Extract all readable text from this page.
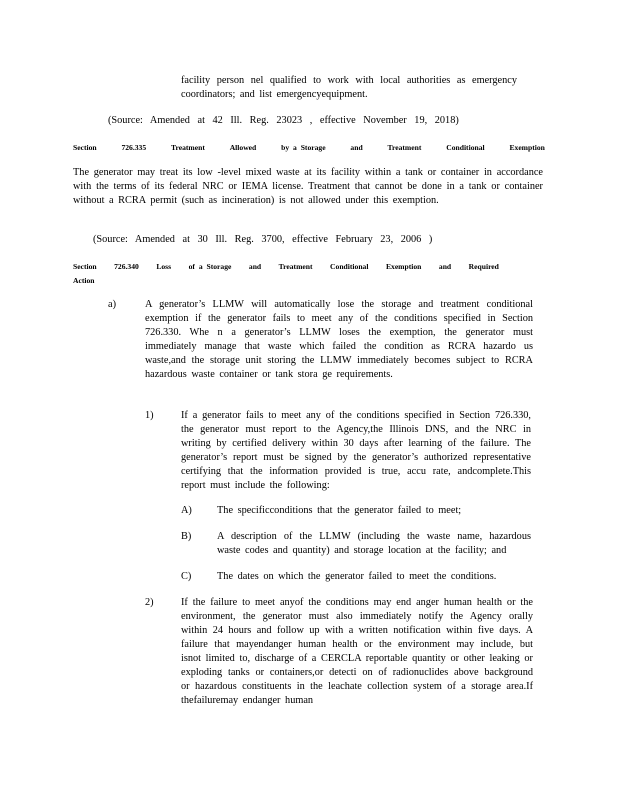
facility person nel qualified to work with local authorities as emergency coordinators; and list emergencyequipment.
(Source: Amended at 42 Ill. Reg. 23023 , effective November 19, 2018)
Section	726.335	Treatment	Allowed	by a Storage	and	Treatment	Conditional	Exemption
The generator may treat its low -level mixed waste at its facility within a tank or container in accordance with the terms of its federal NRC or IEMA license. Treatment that cannot be done in a tank or container without a RCRA permit (such as incineration) is not allowed under this exemption.
(Source: Amended at 30 Ill. Reg. 3700, effective February 23, 2006 )
Section 726.340 Loss of a Storage and Treatment Conditional Exemption and Required
Action
a)	A generator’s LLMW will automatically lose the storage and treatment conditional exemption if the generator fails to meet any of the conditions specified in Section 726.330. Whe n a generator’s LLMW loses the exemption, the generator must immediately manage that waste which failed the condition as RCRA hazardo us waste,and the storage unit storing the LLMW immediately becomes subject to RCRA hazardous waste container or tank stora ge requirements.
1)	If a generator fails to meet any of the conditions specified in Section 726.330, the generator must report to the Agency,the Illinois DNS, and the NRC in writing by certified delivery within 30 days after learning of the failure. The generator’s report must be signed by the generator’s authorized representative certifying that the information provided is true, accu rate, andcomplete.This report must include the following:
A) The specificconditions that the generator failed to meet;
B) A description of the LLMW (including the waste name, hazardous waste codes and quantity) and storage location at the facility; and
C) The dates on which the generator failed to meet the conditions.
2)	If the failure to meet anyof the conditions may end anger human health or the environment, the generator must also immediately notify the Agency orally within 24 hours and follow up with a written notification within five days. A failure that mayendanger human health or the environment may include, but isnot limited to, discharge of a CERCLA reportable quantity or other leaking or exploding tanks or containers,or detecti on of radionuclides above background or hazardous constituents in the leachate collection system of a storage area.If thefailuremay endanger human
